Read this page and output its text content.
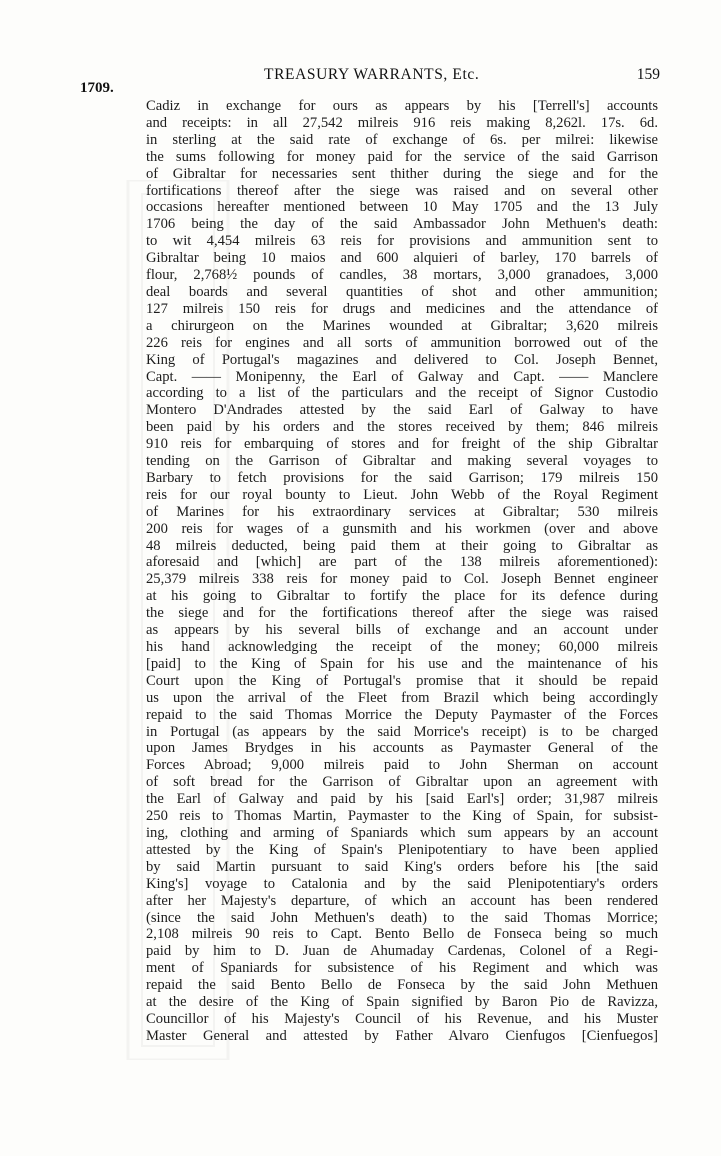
1709.
TREASURY WARRANTS, Etc.	159
Cadiz in exchange for ours as appears by his [Terrell's] accounts
and receipts: in all 27,542 milreis 916 reis making 8,262l. 17s. 6d.
in sterling at the said rate of exchange of 6s. per milrei: likewise
the sums following for money paid for the service of the said Garrison
of Gibraltar for necessaries sent thither during the siege and for the
fortifications thereof after the siege was raised and on several other
occasions hereafter mentioned between 10 May 1705 and the 13 July
1706 being the day of the said Ambassador John Methuen's death:
to wit 4,454 milreis 63 reis for provisions and ammunition sent to
Gibraltar being 10 maios and 600 alquieri of barley, 170 barrels of
flour, 2,768½ pounds of candles, 38 mortars, 3,000 granadoes, 3,000
deal boards and several quantities of shot and other ammunition;
127 milreis 150 reis for drugs and medicines and the attendance of
a chirurgeon on the Marines wounded at Gibraltar; 3,620 milreis
226 reis for engines and all sorts of ammunition borrowed out of the
King of Portugal's magazines and delivered to Col. Joseph Bennet,
Capt. —— Monipenny, the Earl of Galway and Capt. —— Manclere
according to a list of the particulars and the receipt of Signor Custodio
Montero D'Andrades attested by the said Earl of Galway to have
been paid by his orders and the stores received by them; 846 milreis
910 reis for embarquing of stores and for freight of the ship Gibraltar
tending on the Garrison of Gibraltar and making several voyages to
Barbary to fetch provisions for the said Garrison; 179 milreis 150
reis for our royal bounty to Lieut. John Webb of the Royal Regiment
of Marines for his extraordinary services at Gibraltar; 530 milreis
200 reis for wages of a gunsmith and his workmen (over and above
48 milreis deducted, being paid them at their going to Gibraltar as
aforesaid and [which] are part of the 138 milreis aforementioned):
25,379 milreis 338 reis for money paid to Col. Joseph Bennet engineer
at his going to Gibraltar to fortify the place for its defence during
the siege and for the fortifications thereof after the siege was raised
as appears by his several bills of exchange and an account under
his hand acknowledging the receipt of the money; 60,000 milreis
[paid] to the King of Spain for his use and the maintenance of his
Court upon the King of Portugal's promise that it should be repaid
us upon the arrival of the Fleet from Brazil which being accordingly
repaid to the said Thomas Morrice the Deputy Paymaster of the Forces
in Portugal (as appears by the said Morrice's receipt) is to be charged
upon James Brydges in his accounts as Paymaster General of the
Forces Abroad; 9,000 milreis paid to John Sherman on account
of soft bread for the Garrison of Gibraltar upon an agreement with
the Earl of Galway and paid by his [said Earl's] order; 31,987 milreis
250 reis to Thomas Martin, Paymaster to the King of Spain, for subsist-
ing, clothing and arming of Spaniards which sum appears by an account
attested by the King of Spain's Plenipotentiary to have been applied
by said Martin pursuant to said King's orders before his [the said
King's] voyage to Catalonia and by the said Plenipotentiary's orders
after her Majesty's departure, of which an account has been rendered
(since the said John Methuen's death) to the said Thomas Morrice;
2,108 milreis 90 reis to Capt. Bento Bello de Fonseca being so much
paid by him to D. Juan de Ahumaday Cardenas, Colonel of a Regi-
ment of Spaniards for subsistence of his Regiment and which was
repaid the said Bento Bello de Fonseca by the said John Methuen
at the desire of the King of Spain signified by Baron Pio de Ravizza,
Councillor of his Majesty's Council of his Revenue, and his Muster
Master General and attested by Father Alvaro Cienfugos [Cienfuegos]
